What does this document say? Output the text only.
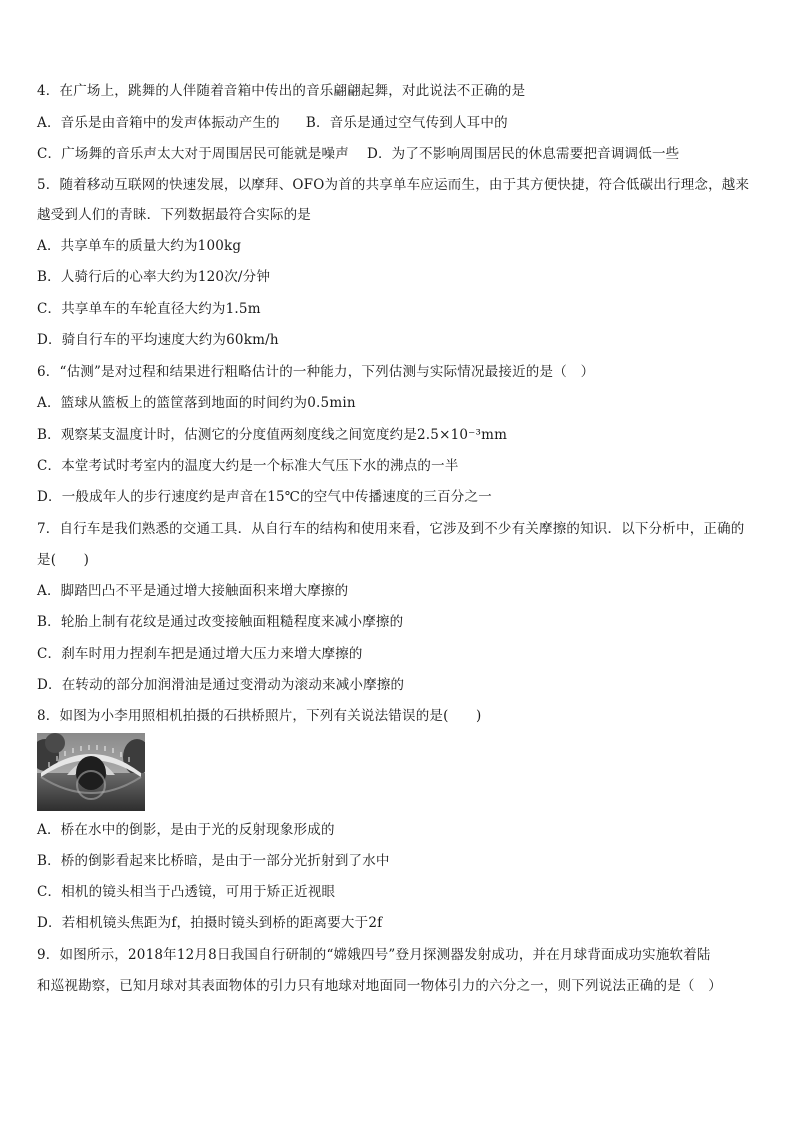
4．在广场上，跳舞的人伴随着音箱中传出的音乐翩翩起舞，对此说法不正确的是
A．音乐是由音箱中的发声体振动产生的 B．音乐是通过空气传到人耳中的
C．广场舞的音乐声太大对于周围居民可能就是噪声 D．为了不影响周围居民的休息需要把音调调低一些
5．随着移动互联网的快速发展，以摩拜、OFO为首的共享单车应运而生，由于其方便快捷，符合低碳出行理念，越来
越受到人们的青睐．下列数据最符合实际的是
A．共享单车的质量大约为100kg
B．人骑行后的心率大约为120次/分钟
C．共享单车的车轮直径大约为1.5m
D．骑自行车的平均速度大约为60km/h
6．“估测”是对过程和结果进行粗略估计的一种能力，下列估测与实际情况最接近的是（　）
A．篮球从篮板上的篮筐落到地面的时间约为0.5min
B．观察某支温度计时，估测它的分度值两刻度线之间宽度约是2.5×10⁻³mm
C．本堂考试时考室内的温度大约是一个标准大气压下水的沸点的一半
D．一般成年人的步行速度约是声音在15℃的空气中传播速度的三百分之一
7．自行车是我们熟悉的交通工具．从自行车的结构和使用来看，它涉及到不少有关摩擦的知识．以下分析中，正确的
是(　　)
A．脚踏凹凸不平是通过增大接触面积来增大摩擦的
B．轮胎上制有花纹是通过改变接触面粗糙程度来减小摩擦的
C．刹车时用力捏刹车把是通过增大压力来增大摩擦的
D．在转动的部分加润滑油是通过变滑动为滚动来减小摩擦的
8．如图为小李用照相机拍摄的石拱桥照片，下列有关说法错误的是(　　)
A．桥在水中的倒影，是由于光的反射现象形成的
B．桥的倒影看起来比桥暗，是由于一部分光折射到了水中
C．相机的镜头相当于凸透镜，可用于矫正近视眼
D．若相机镜头焦距为f，拍摄时镜头到桥的距离要大于2f
9．如图所示，2018年12月8日我国自行研制的“嫦娥四号”登月探测器发射成功，并在月球背面成功实施软着陆
和巡视勘察，已知月球对其表面物体的引力只有地球对地面同一物体引力的六分之一，则下列说法正确的是（　）
